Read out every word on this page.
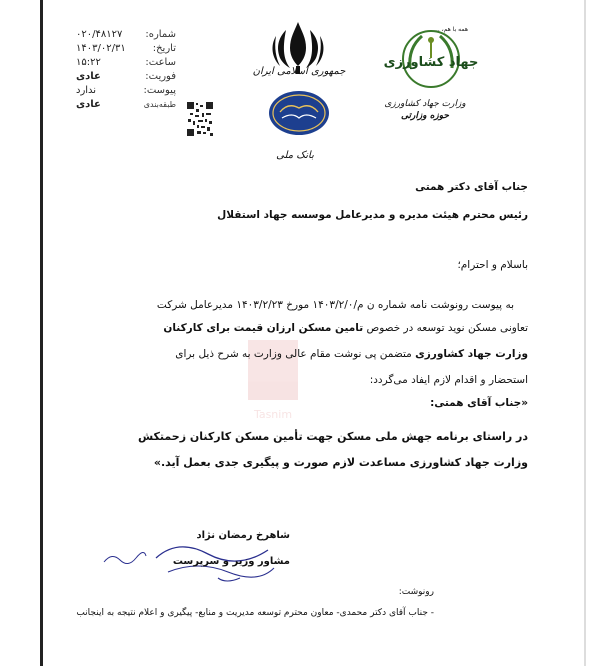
شماره:
۰۲۰/۴۸۱۲۷
تاریخ:
۱۴۰۳/۰۲/۳۱
ساعت:
۱۵:۲۲
فوریت:
عادی
پیوست:
ندارد
طبقه‌بندی
عادی
جمهوری اسلامی ایران
بانک ملی
همه با هم، ...
جهاد کشاورزی
وزارت جهاد کشاورزی
حوزه وزارتی
Tasnim
جناب آقای دکتر همتی
رئیس محترم هیئت مدیره و مدیرعامل موسسه جهاد استقلال
باسلام و احترام؛
به پیوست رونوشت نامه شماره ن م/۱۴۰۳/۲/۰ مورخ ۱۴۰۳/۲/۲۳ مدیرعامل شرکت
تعاونی مسکن نوید توسعه در خصوص تامین مسکن ارزان قیمت برای کارکنان
وزارت جهاد کشاورزی متضمن پی نوشت مقام عالی وزارت به شرح ذیل برای
استحضار و اقدام لازم ایفاد می‌گردد:
«جناب آقای همتی:
در راستای برنامه جهش ملی مسکن جهت تأمین مسکن کارکنان زحمتکش
وزارت جهاد کشاورزی مساعدت لازم صورت و پیگیری جدی بعمل آید.»
شاهرخ رمضان نژاد
مشاور وزیر و سرپرست
رونوشت:
- جناب آقای دکتر محمدی- معاون محترم توسعه مدیریت و منابع- پیگیری و اعلام نتیجه به اینجانب
